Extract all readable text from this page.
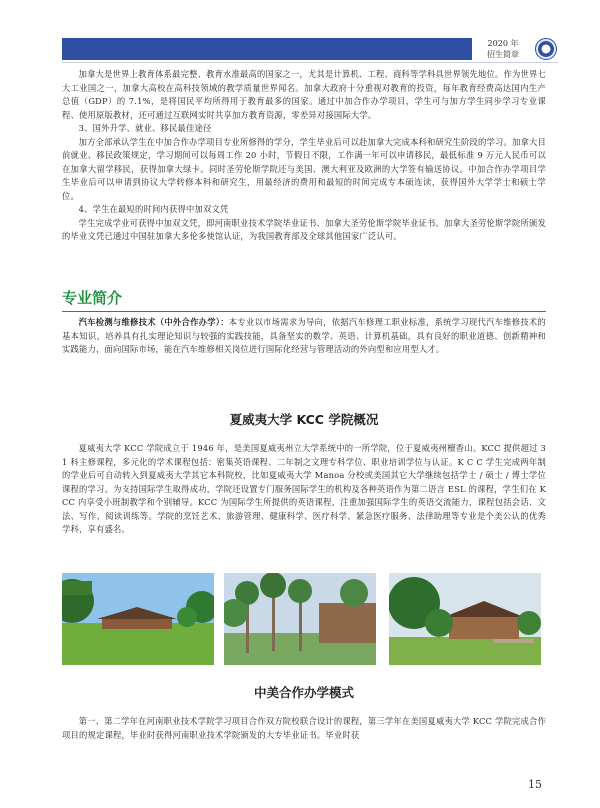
2020 年
招生简章

加拿大是世界上教育体系最完整、教育水准最高的国家之一，尤其是计算机、工程、商科等学科具世界领先地位。作为世界七大工业国之一，加拿大高校在高科技领域的教学质量世界闻名。加拿大政府十分重视对教育的投资，每年教育经费高达国内生产总值（GDP）的 7.1%，是将国民平均所得用于教育最多的国家。通过中加合作办学项目，学生可与加方学生同步学习专业课程、使用原版教材，还可通过互联网实时共享加方教育资源，零差异对接国际大学。

3、国外升学、就业、移民最佳途径

加方全部承认学生在中加合作办学项目专业所修得的学分，学生毕业后可以赴加拿大完成本科和研究生阶段的学习。加拿大目前就业、移民政策规定，学习期间可以每周工作 20 小时，节假日不限，工作满一年可以申请移民，最低标准 9 万元人民币可以在加拿大留学移民，获得加拿大绿卡。同时圣劳伦斯学院还与美国、澳大利亚及欧洲的大学签有输送协议。中加合作办学项目学生毕业后可以申请到协议大学转修本科和研究生，用最经济的费用和最短的时间完成专本硕连读，获得国外大学学士和硕士学位。

4、学生在最短的时间内获得中加双文凭

学生完成学业可获得中加双文凭，即河南职业技术学院毕业证书、加拿大圣劳伦斯学院毕业证书。加拿大圣劳伦斯学院所颁发的毕业文凭已通过中国驻加拿大多伦多使馆认证，为我国教育部及全球其他国家广泛认可。

专业简介

汽车检测与维修技术（中外合作办学）：本专业以市场需求为导向，依据汽车修理工职业标准，系统学习现代汽车维修技术的基本知识，培养具有扎实理论知识与较强的实践技能，具备坚实的数学、英语、计算机基础，具有良好的职业道德、创新精神和实践能力，面向国际市场，能在汽车维修相关岗位进行国际化经营与管理活动的外向型和应用型人才。

夏威夷大学 KCC 学院概况

夏威夷大学 KCC 学院成立于 1946 年，是美国夏威夷州立大学系统中的一所学院，位于夏威夷州檀香山。KCC 提供超过 31 科主修课程，多元化的学术课程包括：密集英语课程、二年制之文理专科学位、职业培训学位与认证。K C C 学生完成两年制的学业后可自动转入到夏威夷大学其它本科院校，比如夏威夷大学 Manoa 分校或美国其它大学继续包括学士 / 硕士 / 博士学位课程的学习。为支持国际学生取得成功，学院还设置专门服务国际学生的机构及各种英语作为第二语言 ESL 的课程，学生们在 KCC 内享受小班制教学和个别辅导。KCC 为国际学生所提供的英语课程，注重加强国际学生的英语交流能力，课程包括会话、文法、写作、阅读训练等。学院的烹饪艺术、旅游管理、健康科学、医疗科学、紧急医疗服务、法律助理等专业是个美公认的优秀学科，享有盛名。

中美合作办学模式

第一、第二学年在河南职业技术学院学习项目合作双方院校联合设计的课程，第三学年在美国夏威夷大学 KCC 学院完成合作项目的规定课程，毕业时获得河南职业技术学院颁发的大专毕业证书。毕业时获

15
